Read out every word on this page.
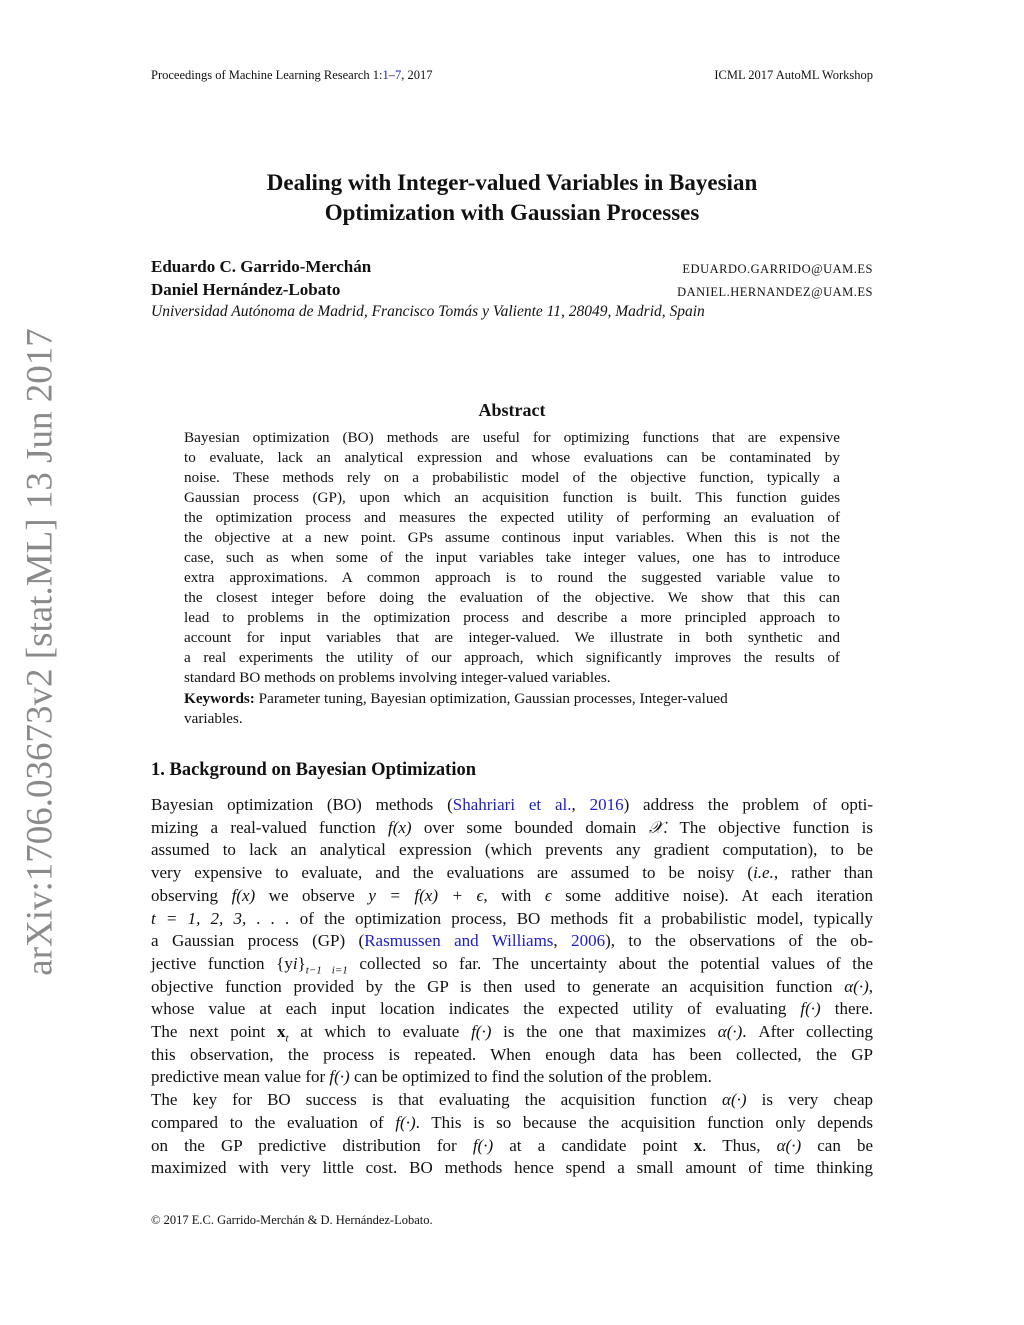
Proceedings of Machine Learning Research 1:1–7, 2017	ICML 2017 AutoML Workshop
arXiv:1706.03673v2 [stat.ML] 13 Jun 2017
Dealing with Integer-valued Variables in Bayesian
Optimization with Gaussian Processes
Eduardo C. Garrido-Merchán	EDUARDO.GARRIDO@UAM.ES
Daniel Hernández-Lobato	DANIEL.HERNANDEZ@UAM.ES
Universidad Autónoma de Madrid, Francisco Tomás y Valiente 11, 28049, Madrid, Spain
Abstract
Bayesian optimization (BO) methods are useful for optimizing functions that are expensive
to evaluate, lack an analytical expression and whose evaluations can be contaminated by
noise. These methods rely on a probabilistic model of the objective function, typically a
Gaussian process (GP), upon which an acquisition function is built. This function guides
the optimization process and measures the expected utility of performing an evaluation of
the objective at a new point. GPs assume continous input variables. When this is not the
case, such as when some of the input variables take integer values, one has to introduce
extra approximations. A common approach is to round the suggested variable value to
the closest integer before doing the evaluation of the objective. We show that this can
lead to problems in the optimization process and describe a more principled approach to
account for input variables that are integer-valued. We illustrate in both synthetic and
a real experiments the utility of our approach, which significantly improves the results of
standard BO methods on problems involving integer-valued variables.
Keywords: Parameter tuning, Bayesian optimization, Gaussian processes, Integer-valued
variables.
1. Background on Bayesian Optimization
Bayesian optimization (BO) methods (Shahriari et al., 2016) address the problem of opti-
mizing a real-valued function f(x) over some bounded domain 𝒳. The objective function is
assumed to lack an analytical expression (which prevents any gradient computation), to be
very expensive to evaluate, and the evaluations are assumed to be noisy (i.e., rather than
observing f(x) we observe y = f(x) + ϵ, with ϵ some additive noise). At each iteration
t = 1, 2, 3, . . . of the optimization process, BO methods fit a probabilistic model, typically
a Gaussian process (GP) (Rasmussen and Williams, 2006), to the observations of the ob-
jective function $\{yi\}_{t-1 i=1}$ collected so far. The uncertainty about the potential values of the
objective function provided by the GP is then used to generate an acquisition function α(·),
whose value at each input location indicates the expected utility of evaluating f(·) there.
The next point $x_t$ at which to evaluate f(·) is the one that maximizes α(·). After collecting
this observation, the process is repeated. When enough data has been collected, the GP
predictive mean value for f(·) can be optimized to find the solution of the problem.
The key for BO success is that evaluating the acquisition function α(·) is very cheap
compared to the evaluation of f(·). This is so because the acquisition function only depends
on the GP predictive distribution for f(·) at a candidate point x. Thus, α(·) can be
maximized with very little cost. BO methods hence spend a small amount of time thinking
© 2017 E.C. Garrido-Merchán & D. Hernández-Lobato.
